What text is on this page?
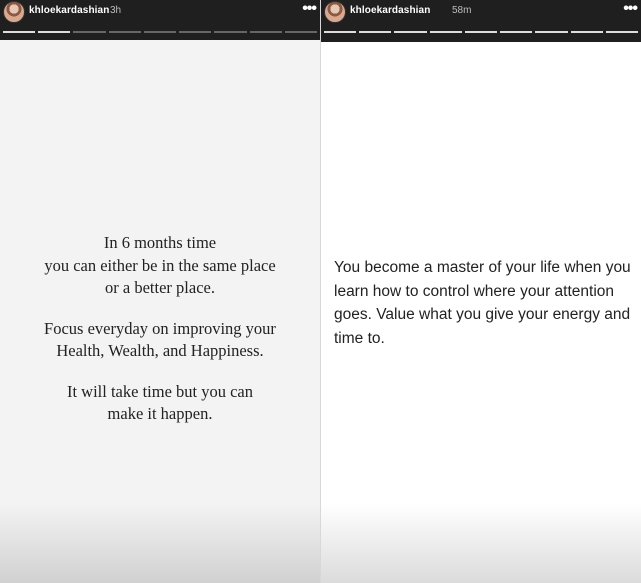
khloekardashian 3h	•••

In 6 months time
you can either be in the same place
or a better place.

Focus everyday on improving your
Health, Wealth, and Happiness.

It will take time but you can
make it happen.

khloekardashian 58m	•••
You become a master of your life when you learn how to control where your attention goes. Value what you give your energy and time to.
